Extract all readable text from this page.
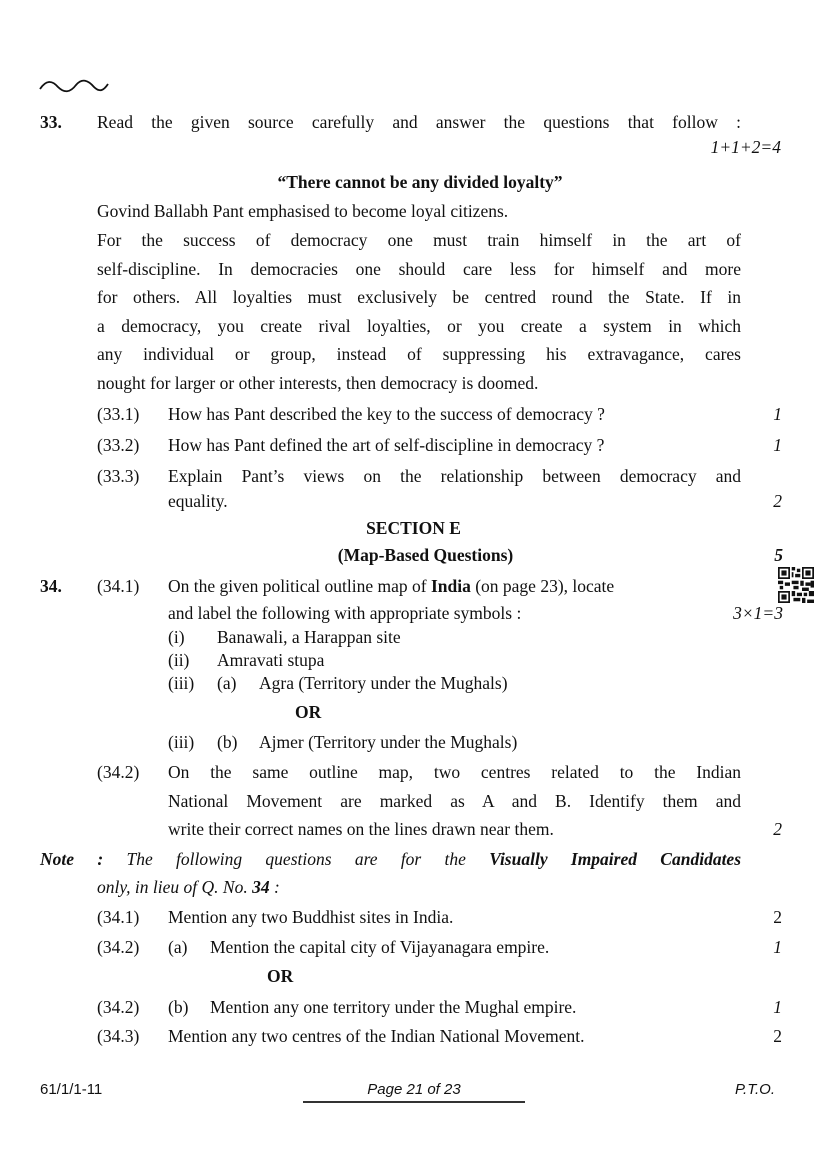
33. Read the given source carefully and answer the questions that follow :
1+1+2=4
“There cannot be any divided loyalty”
Govind Ballabh Pant emphasised to become loyal citizens.
For the success of democracy one must train himself in the art of
self-discipline. In democracies one should care less for himself and more
for others. All loyalties must exclusively be centred round the State. If in
a democracy, you create rival loyalties, or you create a system in which
any individual or group, instead of suppressing his extravagance, cares
nought for larger or other interests, then democracy is doomed.
(33.1) How has Pant described the key to the success of democracy ?	1
(33.2) How has Pant defined the art of self-discipline in democracy ?	1
(33.3) Explain Pant’s views on the relationship between democracy and
equality.	2
SECTION E
(Map-Based Questions)	5
34. (34.1) On the given political outline map of India (on page 23), locate
and label the following with appropriate symbols :	3×1=3
(i) Banawali, a Harappan site
(ii) Amravati stupa
(iii) (a) Agra (Territory under the Mughals)
OR
(iii) (b) Ajmer (Territory under the Mughals)
(34.2) On the same outline map, two centres related to the Indian
National Movement are marked as A and B. Identify them and
write their correct names on the lines drawn near them.	2
Note : The following questions are for the Visually Impaired Candidates
only, in lieu of Q. No. 34 :
(34.1) Mention any two Buddhist sites in India.	2
(34.2) (a) Mention the capital city of Vijayanagara empire.	1
OR
(34.2) (b) Mention any one territory under the Mughal empire.	1
(34.3) Mention any two centres of the Indian National Movement.	2
61/1/1-11	Page 21 of 23	P.T.O.
